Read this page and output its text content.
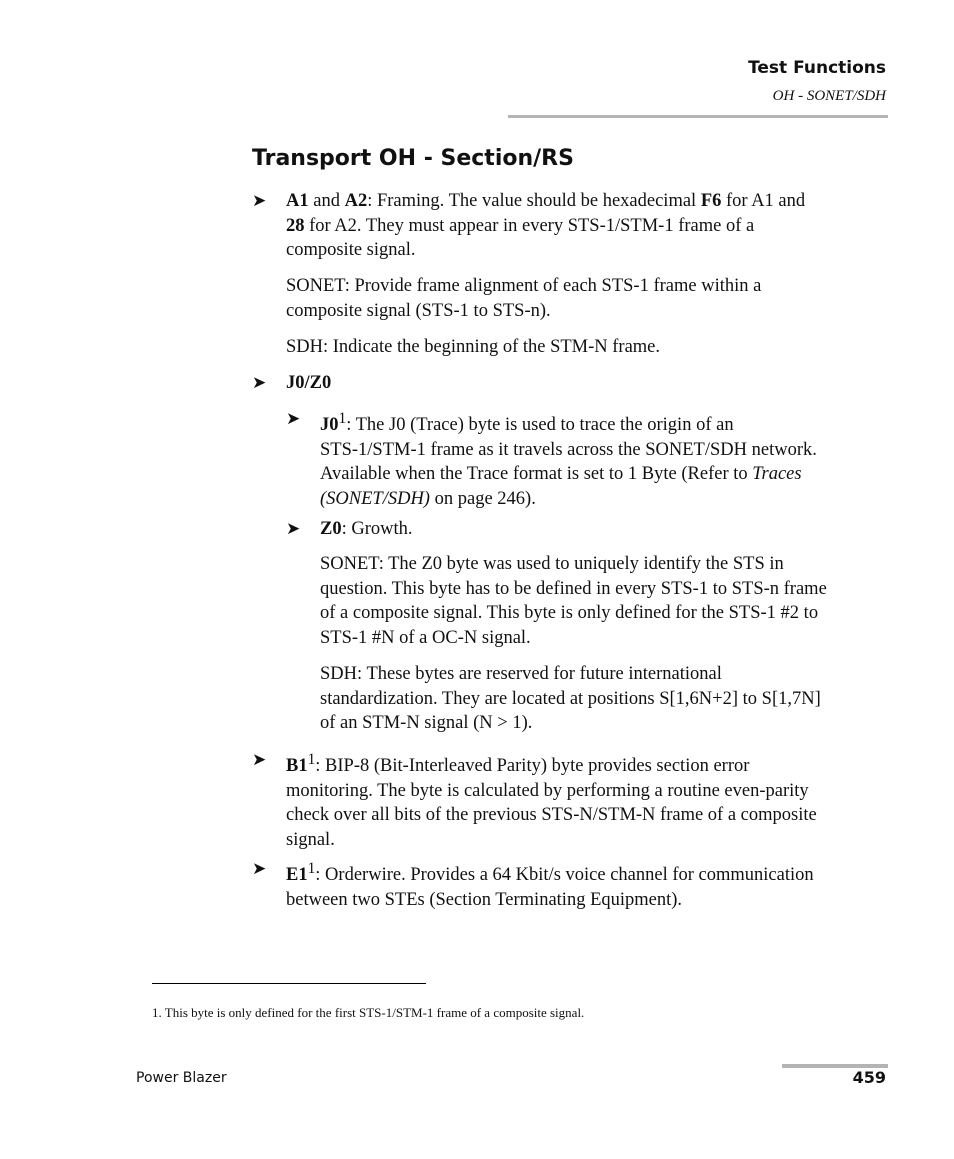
Test Functions
OH - SONET/SDH
Transport OH - Section/RS
➤

A1 and A2: Framing. The value should be hexadecimal F6 for A1 and
28 for A2. They must appear in every STS-1/STM-1 frame of a
composite signal.

SONET: Provide frame alignment of each STS-1 frame within a
composite signal (STS-1 to STS-n).

SDH: Indicate the beginning of the STM-N frame.

➤

J0/Z0

➤

$J0^1$: The J0 (Trace) byte is used to trace the origin of an
STS-1/STM-1 frame as it travels across the SONET/SDH network.
Available when the Trace format is set to 1 Byte (Refer to Traces
(SONET/SDH) on page 246).

➤

Z0: Growth.

SONET: The Z0 byte was used to uniquely identify the STS in
question. This byte has to be defined in every STS-1 to STS-n frame
of a composite signal. This byte is only defined for the STS-1 #2 to
STS-1 #N of a OC-N signal.

SDH: These bytes are reserved for future international
standardization. They are located at positions S[1,6N+2] to S[1,7N]
of an STM-N signal (N > 1).

➤

$B1^1$: BIP-8 (Bit-Interleaved Parity) byte provides section error
monitoring. The byte is calculated by performing a routine even-parity
check over all bits of the previous STS-N/STM-N frame of a composite
signal.

➤

$E1^1$: Orderwire. Provides a 64 Kbit/s voice channel for communication
between two STEs (Section Terminating Equipment).

1. This byte is only defined for the first STS-1/STM-1 frame of a composite signal.
Power Blazer	459
